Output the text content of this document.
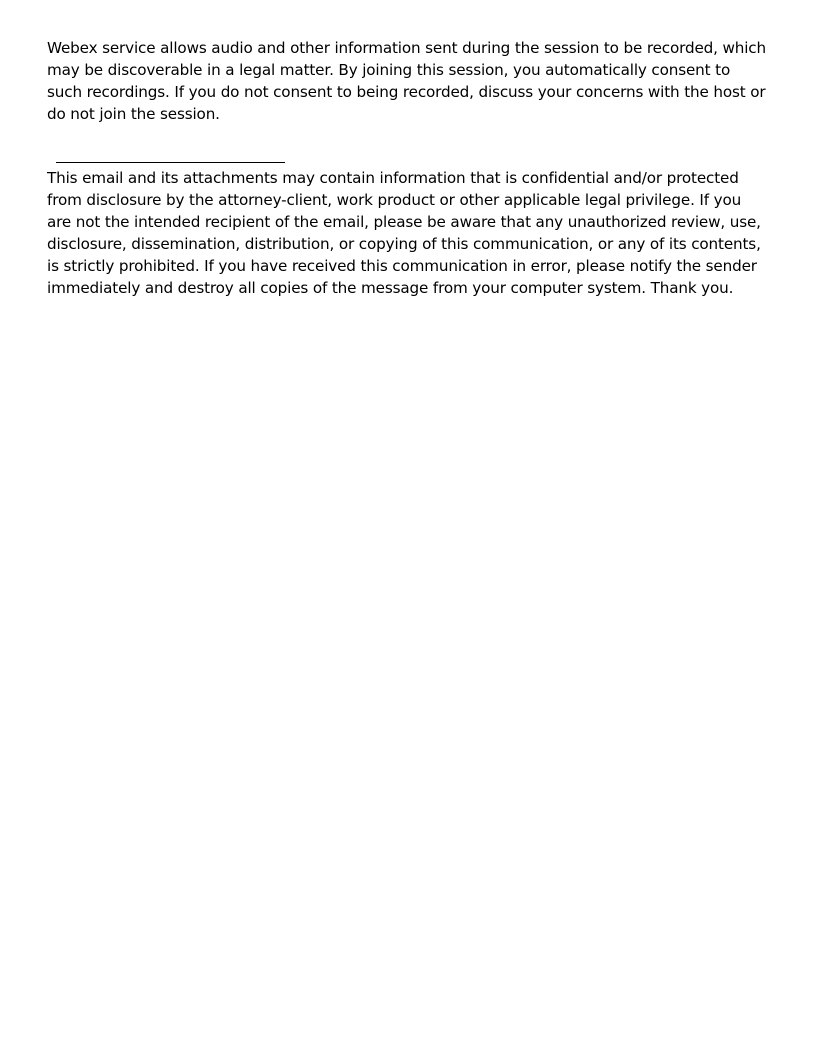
Webex service allows audio and other information sent during the session to be recorded, which may be discoverable in a legal matter. By joining this session, you automatically consent to such recordings. If you do not consent to being recorded, discuss your concerns with the host or do not join the session.

This email and its attachments may contain information that is confidential and/or protected from disclosure by the attorney-client, work product or other applicable legal privilege. If you are not the intended recipient of the email, please be aware that any unauthorized review, use, disclosure, dissemination, distribution, or copying of this communication, or any of its contents, is strictly prohibited. If you have received this communication in error, please notify the sender immediately and destroy all copies of the message from your computer system. Thank you.
